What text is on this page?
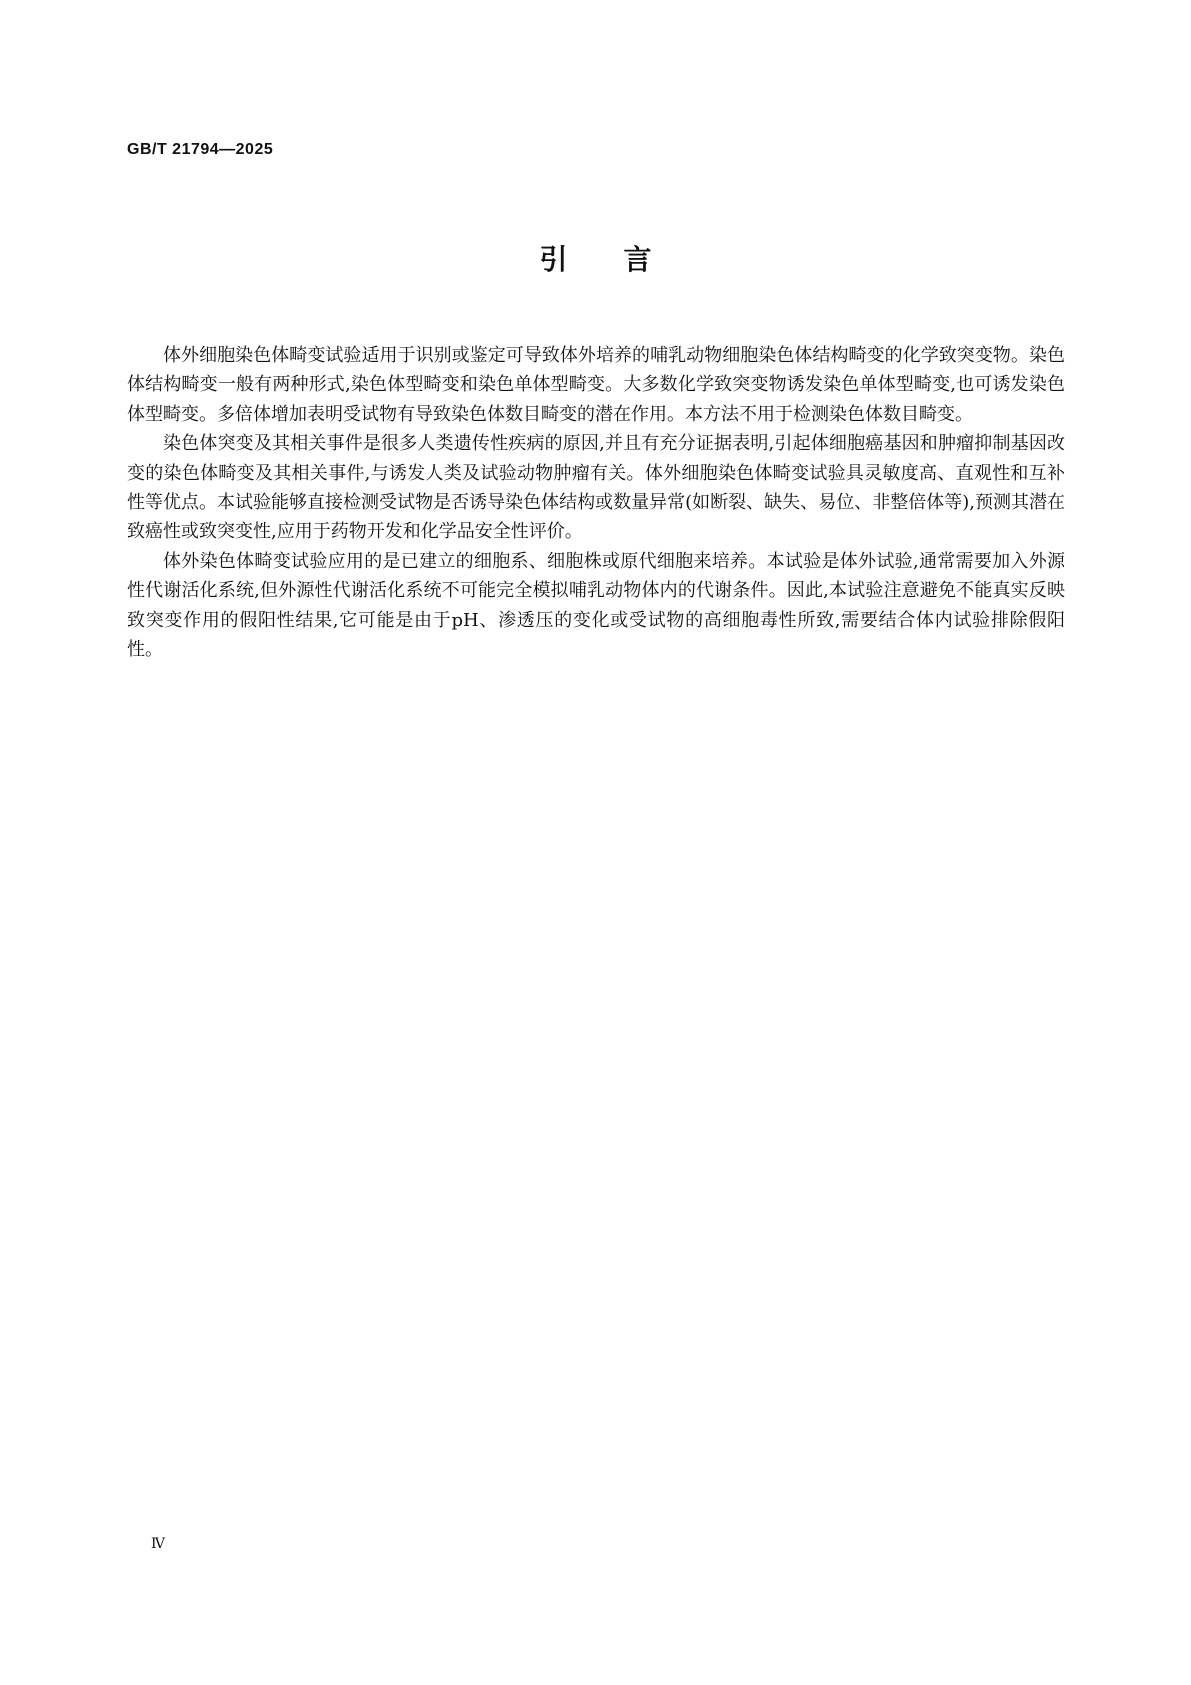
GB/T 21794—2025
引言

体外细胞染色体畸变试验适用于识别或鉴定可导致体外培养的哺乳动物细胞染色体结构畸变的化学致突变物。染色体结构畸变一般有两种形式,染色体型畸变和染色单体型畸变。大多数化学致突变物诱发染色单体型畸变,也可诱发染色体型畸变。多倍体增加表明受试物有导致染色体数目畸变的潜在作用。本方法不用于检测染色体数目畸变。

染色体突变及其相关事件是很多人类遗传性疾病的原因,并且有充分证据表明,引起体细胞癌基因和肿瘤抑制基因改变的染色体畸变及其相关事件,与诱发人类及试验动物肿瘤有关。体外细胞染色体畸变试验具灵敏度高、直观性和互补性等优点。本试验能够直接检测受试物是否诱导染色体结构或数量异常(如断裂、缺失、易位、非整倍体等),预测其潜在致癌性或致突变性,应用于药物开发和化学品安全性评价。

体外染色体畸变试验应用的是已建立的细胞系、细胞株或原代细胞来培养。本试验是体外试验,通常需要加入外源性代谢活化系统,但外源性代谢活化系统不可能完全模拟哺乳动物体内的代谢条件。因此,本试验注意避免不能真实反映致突变作用的假阳性结果,它可能是由于pH、渗透压的变化或受试物的高细胞毒性所致,需要结合体内试验排除假阳性。

Ⅳ
